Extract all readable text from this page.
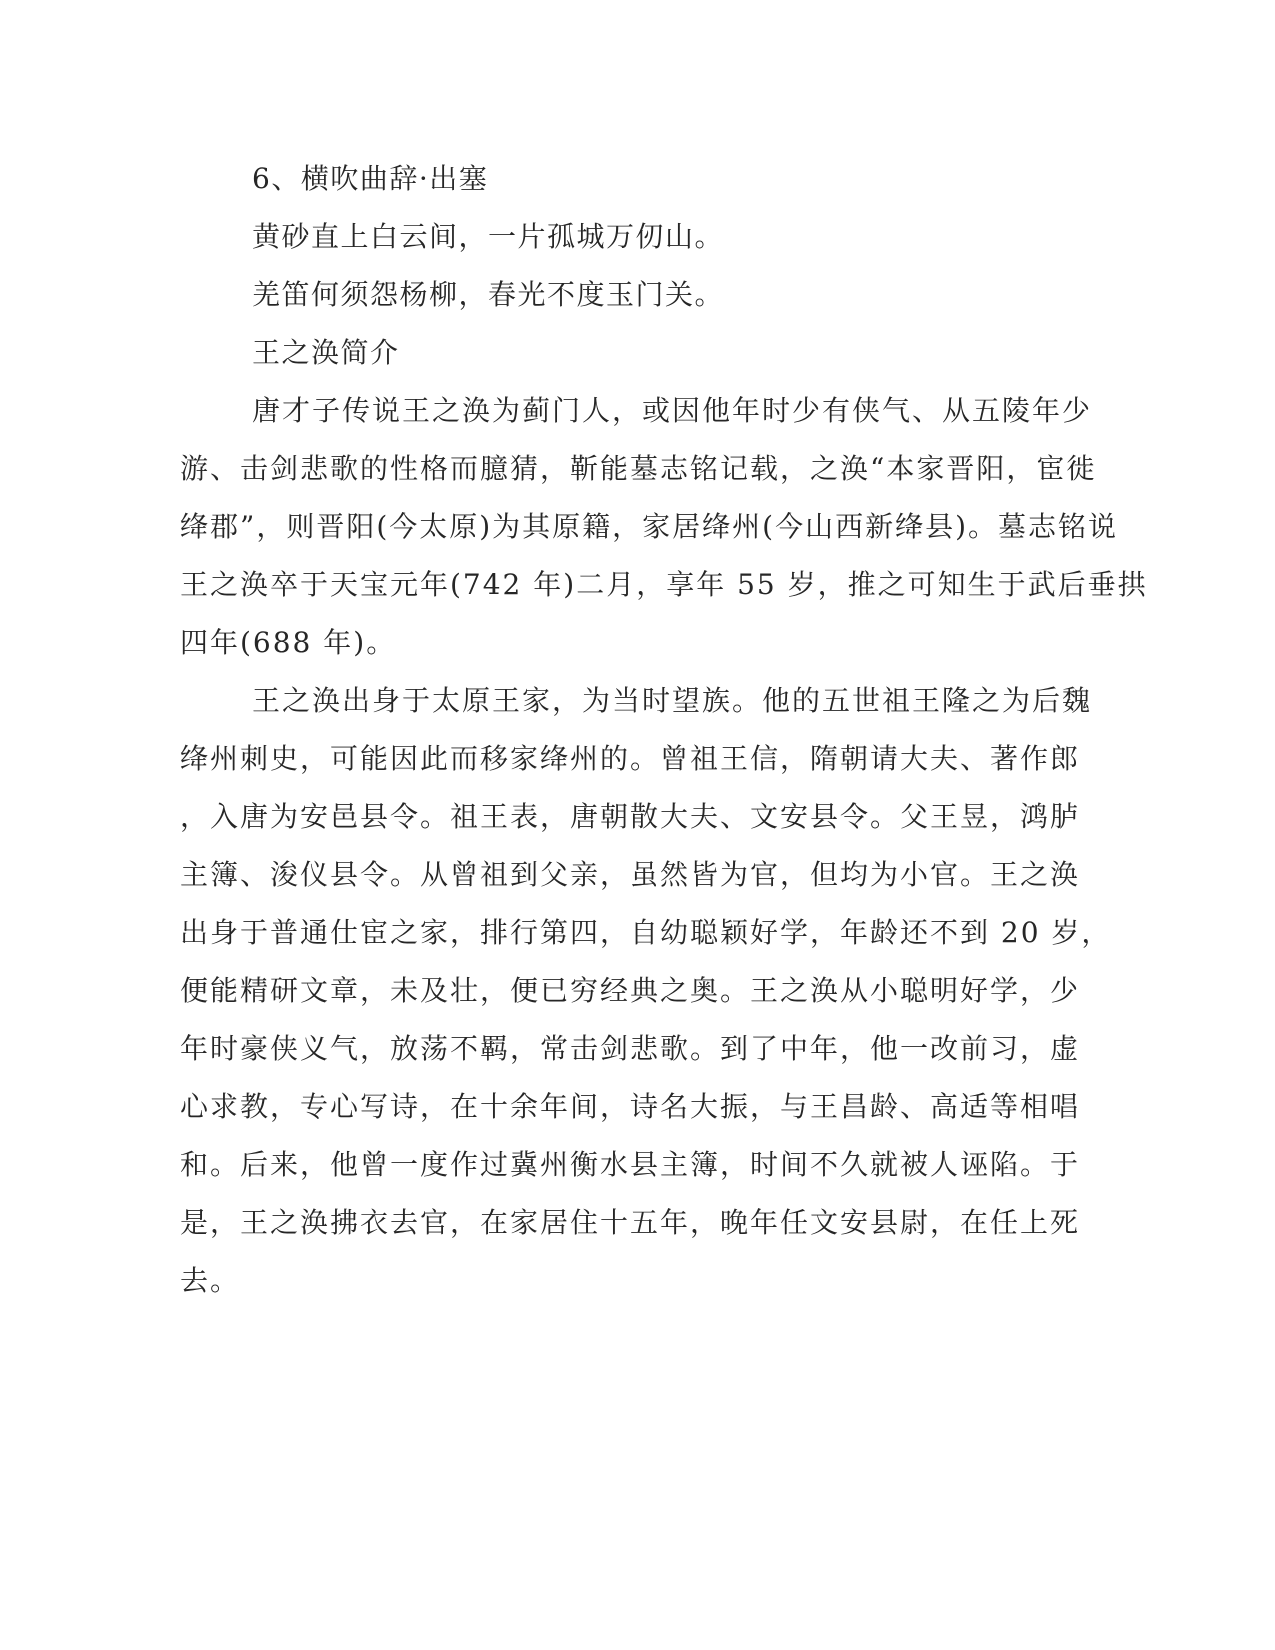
6、横吹曲辞·出塞
黄砂直上白云间，一片孤城万仞山。
羌笛何须怨杨柳，春光不度玉门关。
王之涣简介
唐才子传说王之涣为蓟门人，或因他年时少有侠气、从五陵年少
游、击剑悲歌的性格而臆猜，靳能墓志铭记载，之涣“本家晋阳，宦徙
绛郡”，则晋阳(今太原)为其原籍，家居绛州(今山西新绛县)。墓志铭说
王之涣卒于天宝元年(742 年)二月，享年 55 岁，推之可知生于武后垂拱
四年(688 年)。
王之涣出身于太原王家，为当时望族。他的五世祖王隆之为后魏
绛州刺史，可能因此而移家绛州的。曾祖王信，隋朝请大夫、著作郎
，入唐为安邑县令。祖王表，唐朝散大夫、文安县令。父王昱，鸿胪
主簿、浚仪县令。从曾祖到父亲，虽然皆为官，但均为小官。王之涣
出身于普通仕宦之家，排行第四，自幼聪颖好学，年龄还不到 20 岁，
便能精研文章，未及壮，便已穷经典之奥。王之涣从小聪明好学，少
年时豪侠义气，放荡不羁，常击剑悲歌。到了中年，他一改前习，虚
心求教，专心写诗，在十余年间，诗名大振，与王昌龄、高适等相唱
和。后来，他曾一度作过冀州衡水县主簿，时间不久就被人诬陷。于
是，王之涣拂衣去官，在家居住十五年，晚年任文安县尉，在任上死
去。
